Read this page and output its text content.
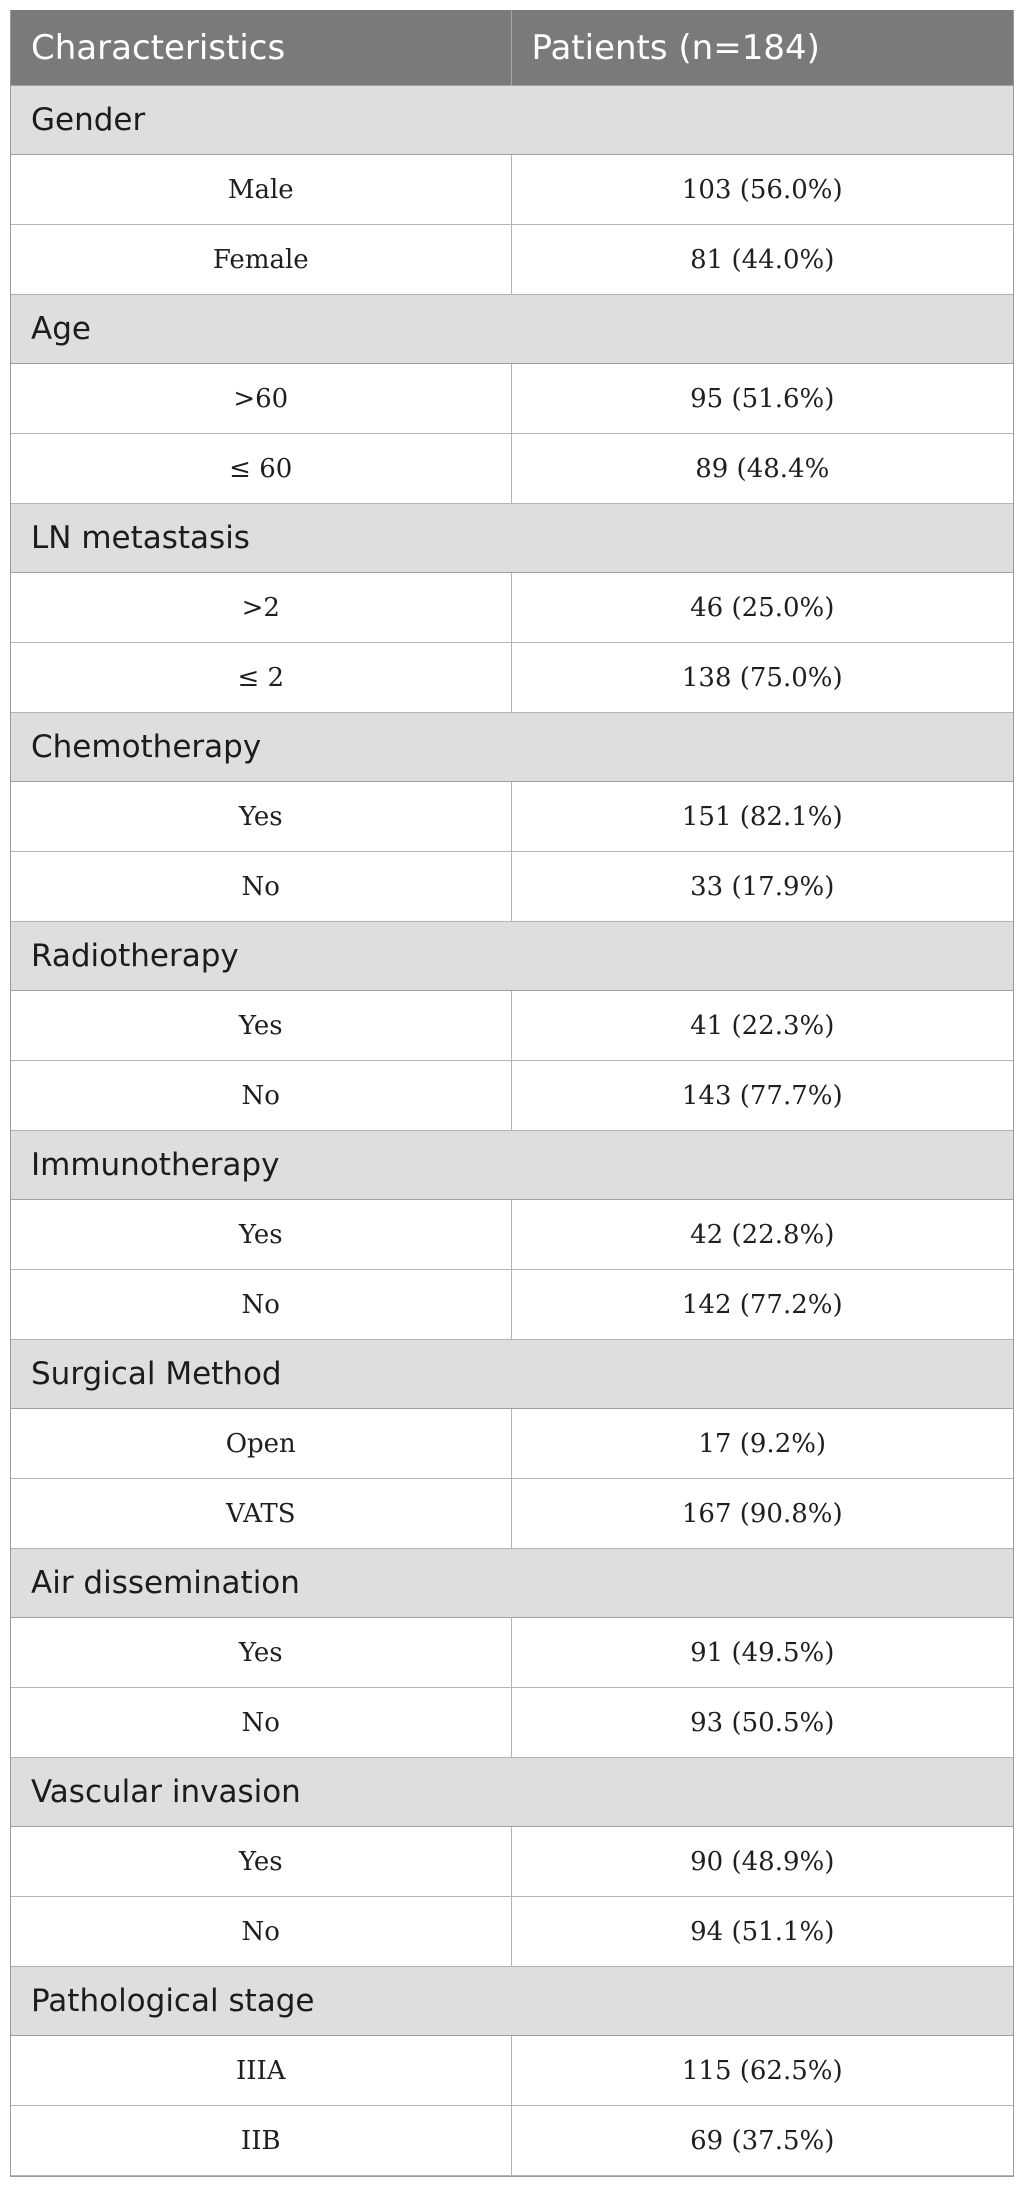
Characteristics	Patients (n=184)
Gender	
Male	103 (56.0%)
Female	81 (44.0%)
Age	
>60	95 (51.6%)
≤ 60	89 (48.4%
LN metastasis	
>2	46 (25.0%)
≤ 2	138 (75.0%)
Chemotherapy	
Yes	151 (82.1%)
No	33 (17.9%)
Radiotherapy	
Yes	41 (22.3%)
No	143 (77.7%)
Immunotherapy	
Yes	42 (22.8%)
No	142 (77.2%)
Surgical Method	
Open	17 (9.2%)
VATS	167 (90.8%)
Air dissemination	
Yes	91 (49.5%)
No	93 (50.5%)
Vascular invasion	
Yes	90 (48.9%)
No	94 (51.1%)
Pathological stage	
IIIA	115 (62.5%)
IIB	69 (37.5%)
